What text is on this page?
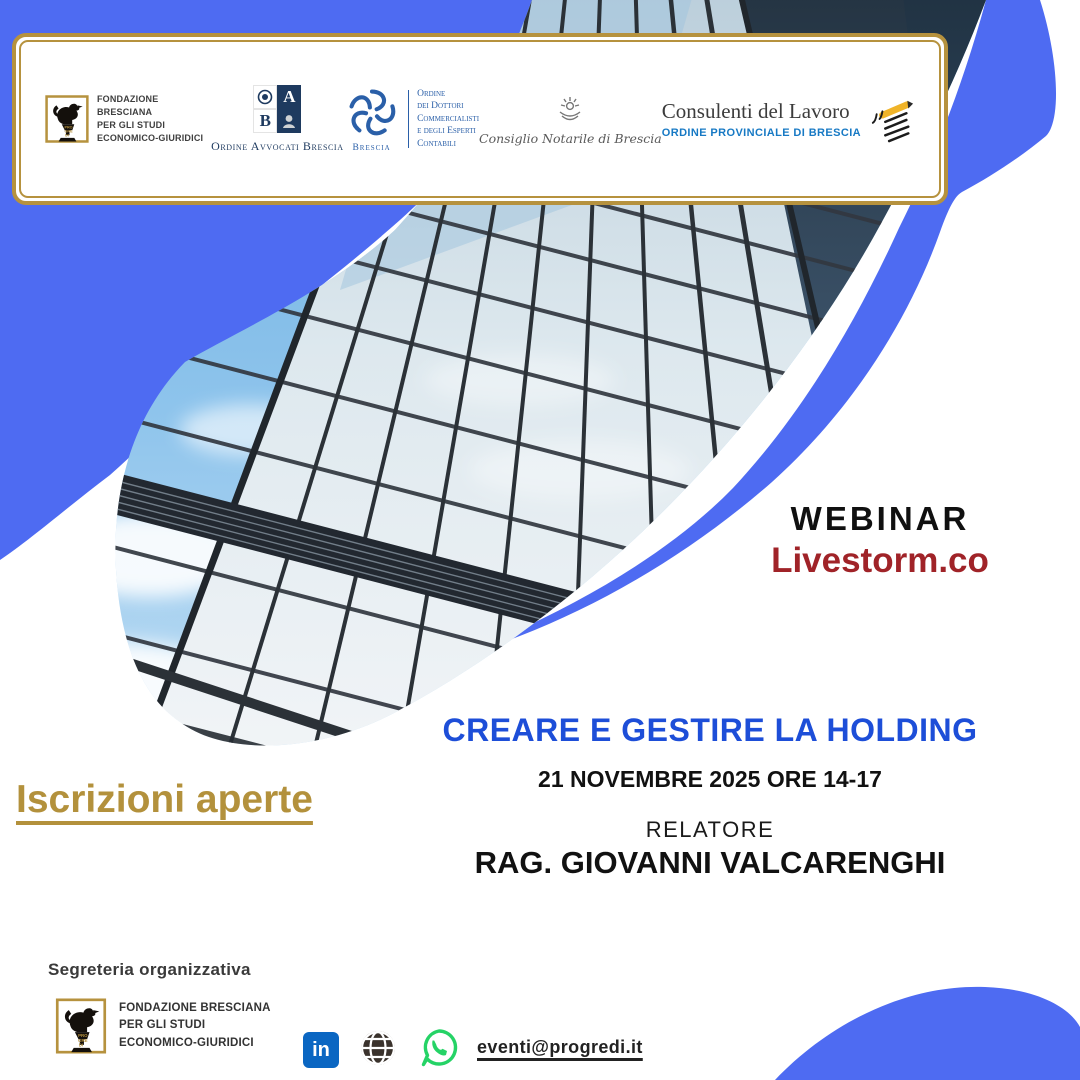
PRO
GRE
DI
FONDAZIONE BRESCIANA
PER GLI STUDI
ECONOMICO-GIURIDICI
A
B
Ordine Avvocati Brescia Brescia
Ordine
dei Dottori
Commercialisti
e degli Esperti
Contabili	Consiglio Notarile di Brescia
Consulenti del Lavoro
ORDINE PROVINCIALE DI BRESCIA
WEBINAR
Livestorm.co
CREARE E GESTIRE LA HOLDING
21 NOVEMBRE 2025 ORE 14-17
RELATORE
RAG. GIOVANNI VALCARENGHI
Iscrizioni aperte
Segreteria organizzativa
PRO
GRE
DI
FONDAZIONE BRESCIANA
PER GLI STUDI
ECONOMICO-GIURIDICI	in	eventi@progredi.it
